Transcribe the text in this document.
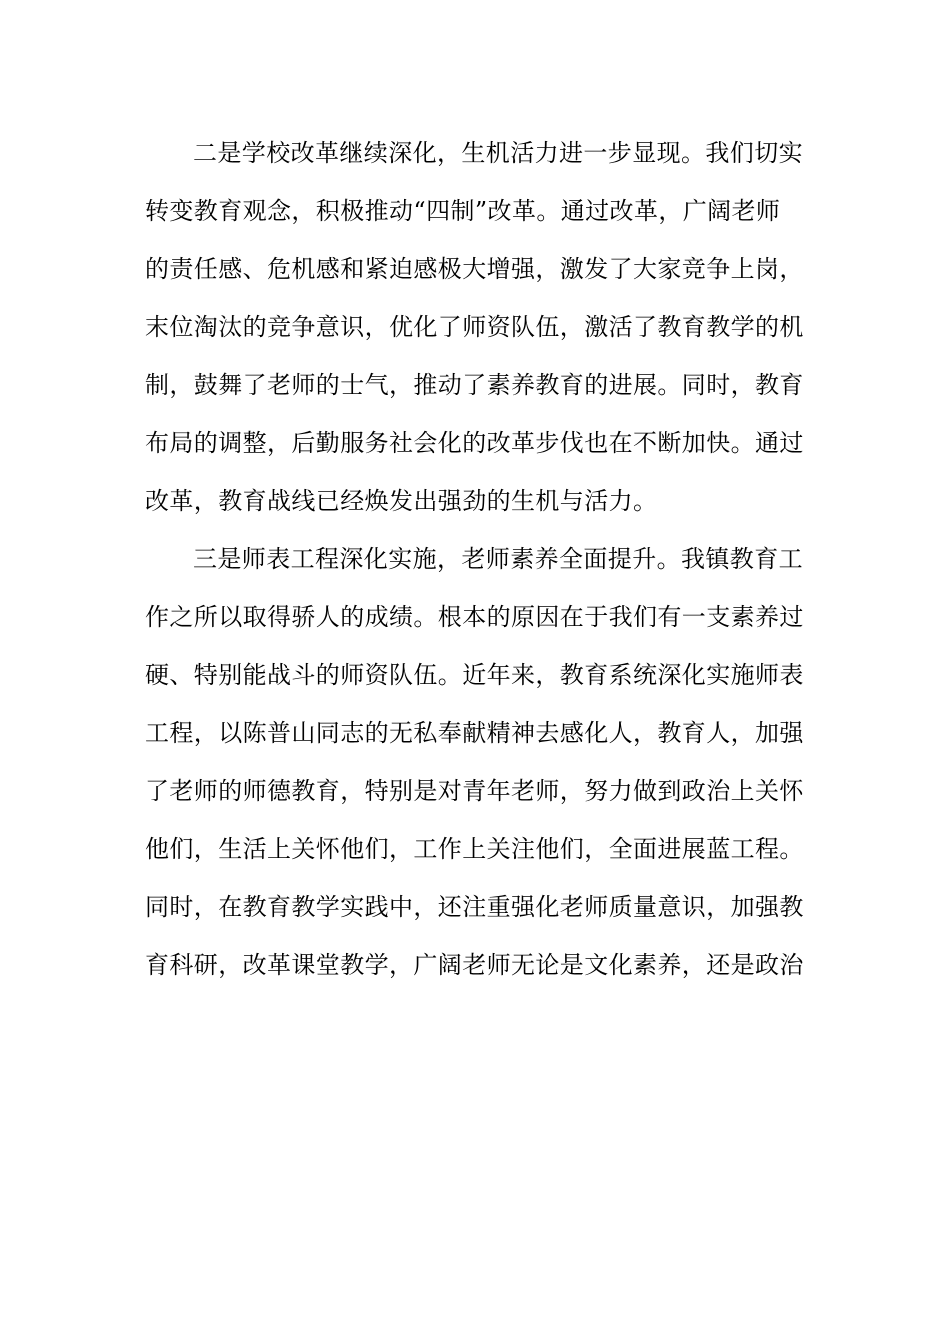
二是学校改革继续深化，生机活力进一步显现。我们切实
转变教育观念，积极推动“四制”改革。通过改革，广阔老师
的责任感、危机感和紧迫感极大增强，激发了大家竞争上岗，
末位淘汰的竞争意识，优化了师资队伍，激活了教育教学的机
制，鼓舞了老师的士气，推动了素养教育的进展。同时，教育
布局的调整，后勤服务社会化的改革步伐也在不断加快。通过
改革，教育战线已经焕发出强劲的生机与活力。
三是师表工程深化实施，老师素养全面提升。我镇教育工
作之所以取得骄人的成绩。根本的原因在于我们有一支素养过
硬、特别能战斗的师资队伍。近年来，教育系统深化实施师表
工程，以陈普山同志的无私奉献精神去感化人，教育人，加强
了老师的师德教育，特别是对青年老师，努力做到政治上关怀
他们，生活上关怀他们，工作上关注他们，全面进展蓝工程。
同时，在教育教学实践中，还注重强化老师质量意识，加强教
育科研，改革课堂教学，广阔老师无论是文化素养，还是政治
